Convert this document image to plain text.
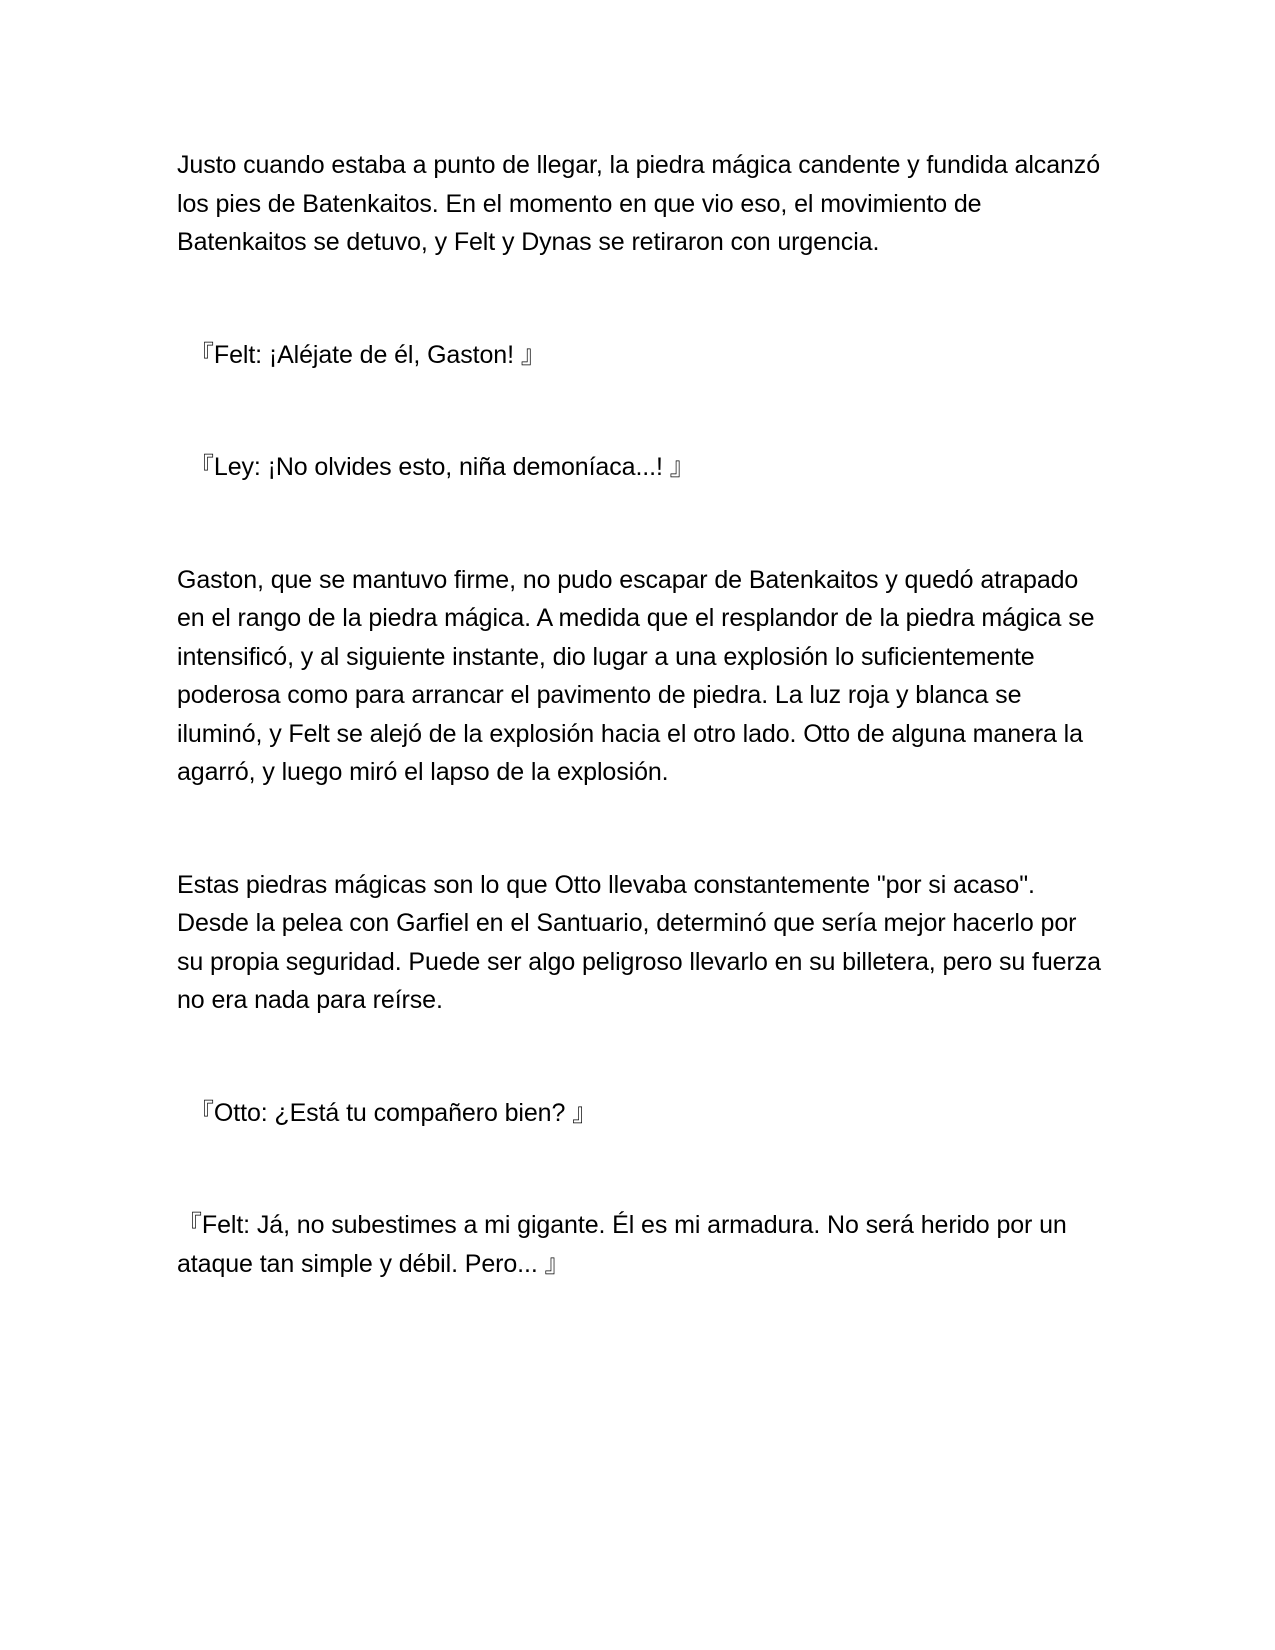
Justo cuando estaba a punto de llegar, la piedra mágica candente y fundida alcanzó los pies de Batenkaitos. En el momento en que vio eso, el movimiento de Batenkaitos se detuvo, y Felt y Dynas se retiraron con urgencia.

『Felt: ¡Aléjate de él, Gaston! 』

『Ley: ¡No olvides esto, niña demoníaca...! 』

Gaston, que se mantuvo firme, no pudo escapar de Batenkaitos y quedó atrapado en el rango de la piedra mágica. A medida que el resplandor de la piedra mágica se intensificó, y al siguiente instante, dio lugar a una explosión lo suficientemente poderosa como para arrancar el pavimento de piedra. La luz roja y blanca se iluminó, y Felt se alejó de la explosión hacia el otro lado. Otto de alguna manera la agarró, y luego miró el lapso de la explosión.

Estas piedras mágicas son lo que Otto llevaba constantemente "por si acaso". Desde la pelea con Garfiel en el Santuario, determinó que sería mejor hacerlo por su propia seguridad. Puede ser algo peligroso llevarlo en su billetera, pero su fuerza no era nada para reírse.

『Otto: ¿Está tu compañero bien? 』

『Felt: Já, no subestimes a mi gigante. Él es mi armadura. No será herido por un ataque tan simple y débil. Pero... 』
